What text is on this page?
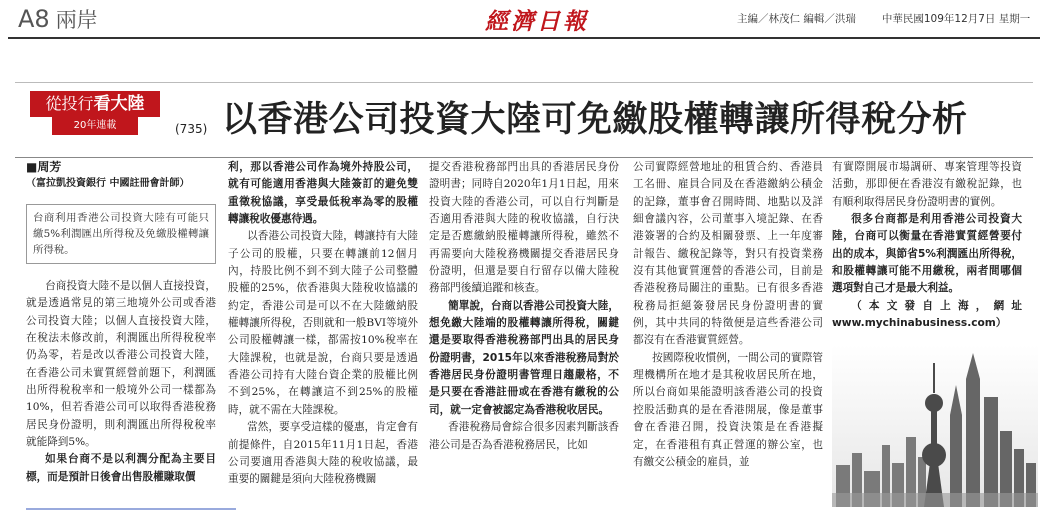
A8 兩岸	經濟日報	主編／林茂仁 編輯／洪瑞 中華民國109年12月7日 星期一
從投行看大陸
20年連載	(735) 以香港公司投資大陸可免繳股權轉讓所得稅分析
■周芳
（富拉凱投資銀行 中國註冊會計師）
台商利用香港公司投資大陸有可能只繳5%利潤匯出所得稅及免繳股權轉讓所得稅。

台商投資大陸不是以個人直接投資，就是透過常見的第三地境外公司或香港公司投資大陸；以個人直接投資大陸，在稅法未修改前，利潤匯出所得稅稅率仍為零，若是改以香港公司投資大陸，在香港公司未實質經營前題下，利潤匯出所得稅稅率和一般境外公司一樣都為10%，但若香港公司可以取得香港稅務居民身份證明，則利潤匯出所得稅稅率就能降到5%。

如果台商不是以利潤分配為主要目標，而是預計日後會出售股權賺取價

利，那以香港公司作為境外持股公司，就有可能適用香港與大陸簽訂的避免雙重徵稅協議，享受最低稅率為零的股權轉讓稅收優惠待遇。

以香港公司投資大陸，轉讓持有大陸子公司的股權，只要在轉讓前12個月內，持股比例不到不到大陸子公司整體股權的25%，依香港與大陸稅收協議的約定，香港公司是可以不在大陸繳納股權轉讓所得稅，否則就和一般BVI等境外公司股權轉讓一樣，都需按10%稅率在大陸課稅，也就是說，台商只要是透過香港公司持有大陸台資企業的股權比例不到25%，在轉讓這不到25%的股權時，就不需在大陸課稅。

當然，要享受這樣的優惠，肯定會有前提條件，自2015年11月1日起，香港公司要適用香港與大陸的稅收協議，最重要的關鍵是須向大陸稅務機關

提交香港稅務部門出具的香港居民身份證明書；同時自2020年1月1日起，用來投資大陸的香港公司，可以自行判斷是否適用香港與大陸的稅收協議，自行決定是否應繳納股權轉讓所得稅，雖然不再需要向大陸稅務機關提交香港居民身份證明，但還是要自行留存以備大陸稅務部門後續追蹤和核查。

簡單說，台商以香港公司投資大陸，想免繳大陸端的股權轉讓所得稅，關鍵還是要取得香港稅務部門出具的居民身份證明書，2015年以來香港稅務局對於香港居民身份證明書管理日趨嚴格，不是只要在香港註冊或在香港有繳稅的公司，就一定會被認定為香港稅收居民。

香港稅務局會綜合很多因素判斷該香港公司是否為香港稅務居民，比如

公司實際經營地址的租賃合約、香港員工名冊、雇員合同及在香港繳納公積金的記錄，董事會召開時間、地點以及詳細會議內容，公司董事入境記錄、在香港簽署的合約及相關發票、上一年度審計報告、繳稅記錄等，對只有投資業務沒有其他實質運營的香港公司，目前是香港稅務局關注的重點。已有很多香港稅務局拒絕簽發居民身份證明書的實例，其中共同的特徵便是這些香港公司都沒有在香港實質經營。

按國際稅收慣例，一間公司的實際管理機構所在地才是其稅收居民所在地，所以台商如果能證明該香港公司的投資控股活動真的是在香港開展，像是董事會在香港召開，投資決策是在香港擬定，在香港租有真正營運的辦公室，也有繳交公積金的雇員，並

有實際開展市場調研、專案管理等投資活動，那即便在香港沒有繳稅記錄，也有順利取得居民身份證明書的實例。

很多台商都是利用香港公司投資大陸，台商可以衡量在香港實質經營要付出的成本，與節省5%利潤匯出所得稅，和股權轉讓可能不用繳稅，兩者間哪個選項對自己才是最大利益。

（本文發自上海，網址www.mychinabusiness.com）
